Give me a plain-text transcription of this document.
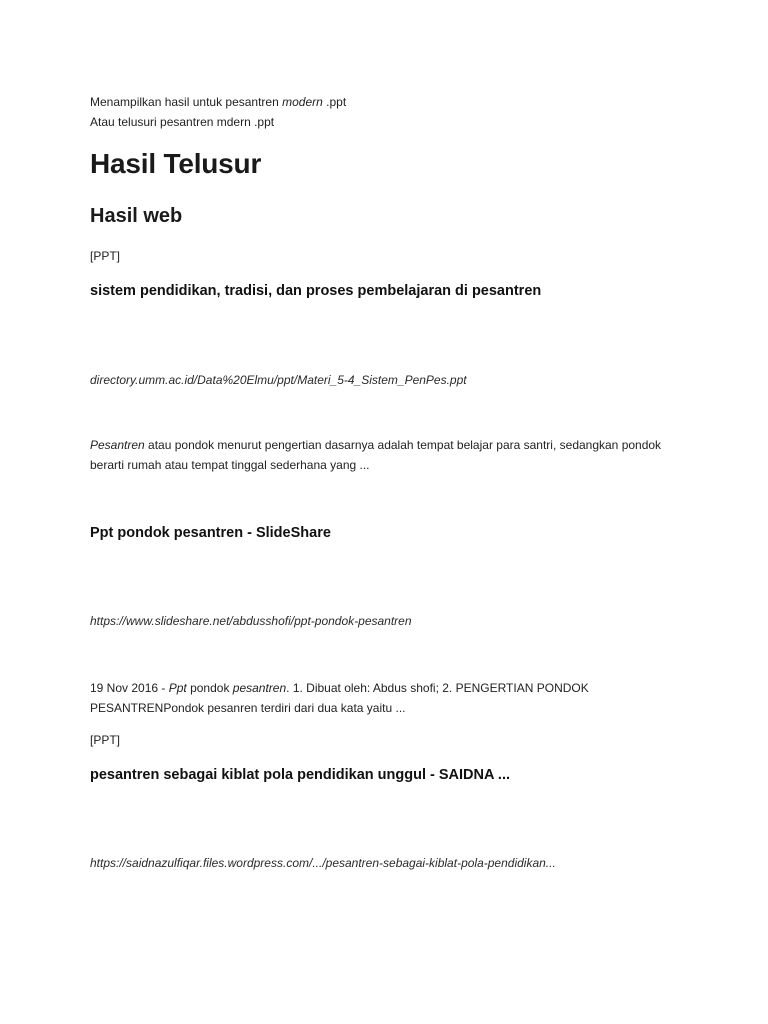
Menampilkan hasil untuk pesantren modern .ppt
Atau telusuri pesantren mdern .ppt
Hasil Telusur
Hasil web
[PPT]
sistem pendidikan, tradisi, dan proses pembelajaran di pesantren
directory.umm.ac.id/Data%20Elmu/ppt/Materi_5-4_Sistem_PenPes.ppt
Pesantren atau pondok menurut pengertian dasarnya adalah tempat belajar para santri, sedangkan pondok berarti rumah atau tempat tinggal sederhana yang ...
Ppt pondok pesantren - SlideShare
https://www.slideshare.net/abdusshofi/ppt-pondok-pesantren
19 Nov 2016 - Ppt pondok pesantren. 1. Dibuat oleh: Abdus shofi; 2. PENGERTIAN PONDOK PESANTRENPondok pesanren terdiri dari dua kata yaitu ...
[PPT]
pesantren sebagai kiblat pola pendidikan unggul - SAIDNA ...
https://saidnazulfiqar.files.wordpress.com/.../pesantren-sebagai-kiblat-pola-pendidikan...
